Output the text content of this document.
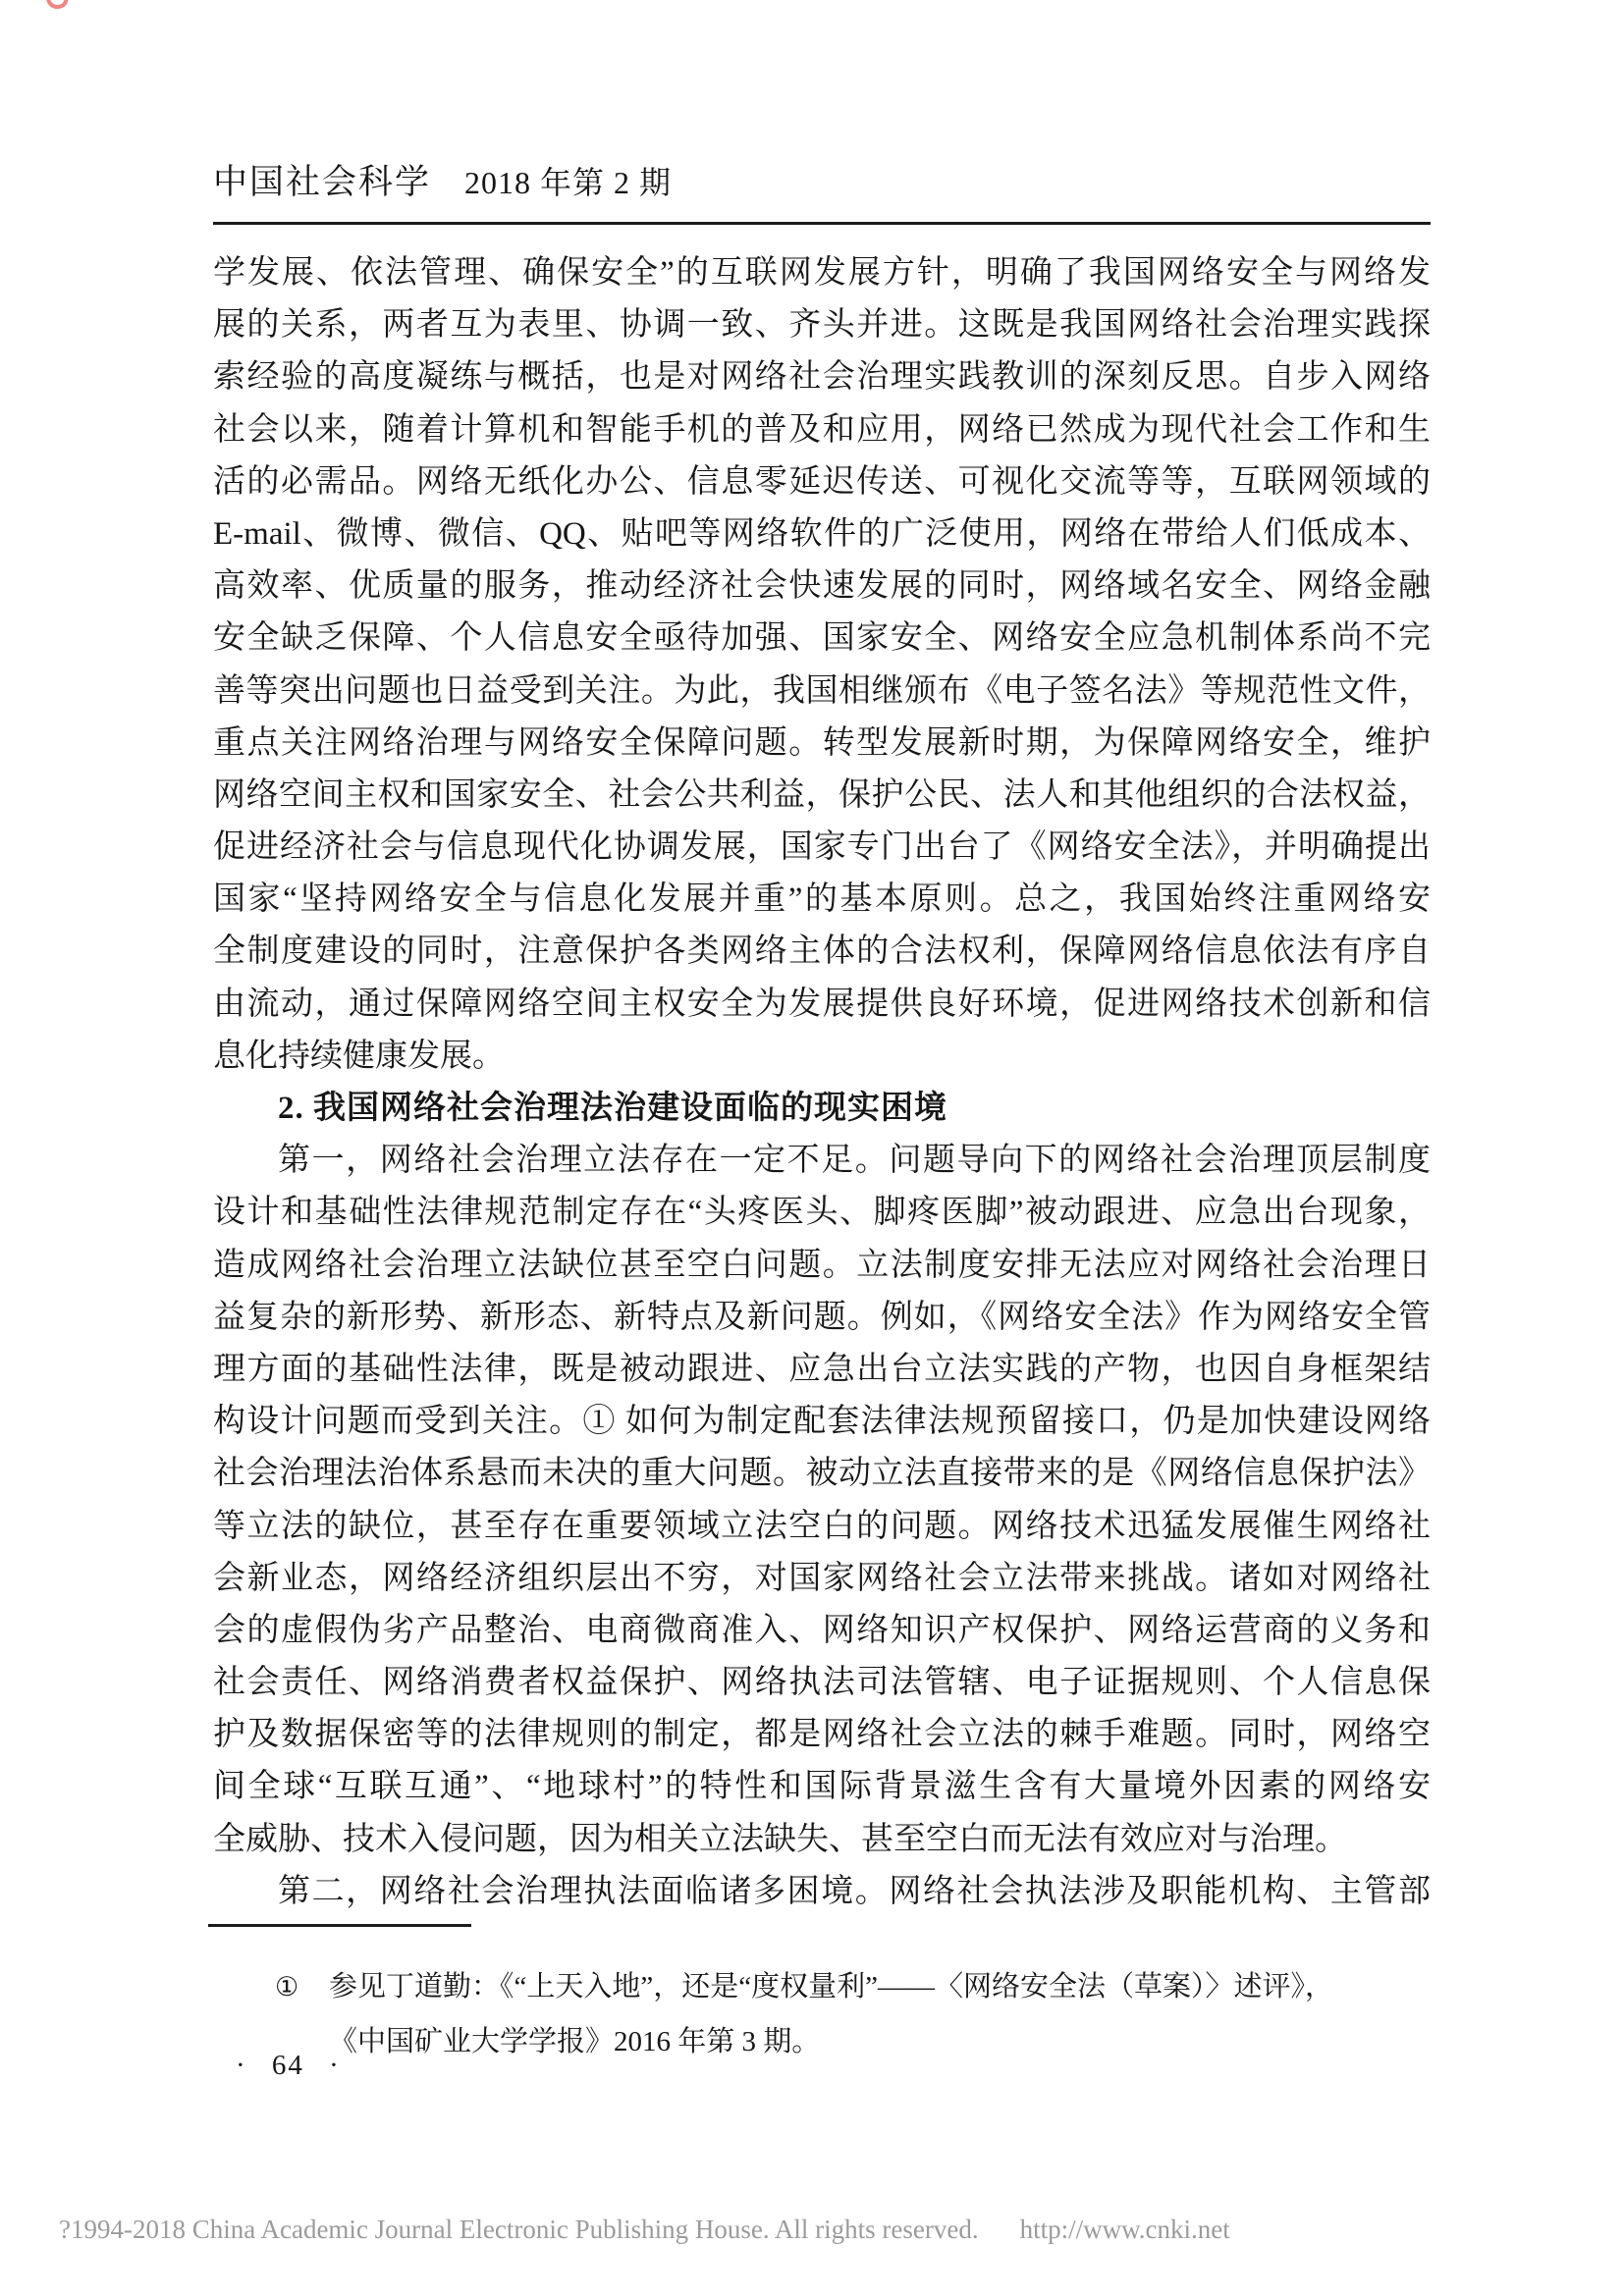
中国社会科学 2018 年第 2 期
学发展、依法管理、确保安全”的互联网发展方针，明确了我国网络安全与网络发
展的关系，两者互为表里、协调一致、齐头并进。这既是我国网络社会治理实践探
索经验的高度凝练与概括，也是对网络社会治理实践教训的深刻反思。自步入网络
社会以来，随着计算机和智能手机的普及和应用，网络已然成为现代社会工作和生
活的必需品。网络无纸化办公、信息零延迟传送、可视化交流等等，互联网领域的
E-mail、微博、微信、QQ、贴吧等网络软件的广泛使用，网络在带给人们低成本、
高效率、优质量的服务，推动经济社会快速发展的同时，网络域名安全、网络金融
安全缺乏保障、个人信息安全亟待加强、国家安全、网络安全应急机制体系尚不完
善等突出问题也日益受到关注。为此，我国相继颁布《电子签名法》等规范性文件，
重点关注网络治理与网络安全保障问题。转型发展新时期，为保障网络安全，维护
网络空间主权和国家安全、社会公共利益，保护公民、法人和其他组织的合法权益，
促进经济社会与信息现代化协调发展，国家专门出台了《网络安全法》，并明确提出
国家“坚持网络安全与信息化发展并重”的基本原则。总之，我国始终注重网络安
全制度建设的同时，注意保护各类网络主体的合法权利，保障网络信息依法有序自
由流动，通过保障网络空间主权安全为发展提供良好环境，促进网络技术创新和信
息化持续健康发展。
2. 我国网络社会治理法治建设面临的现实困境
第一，网络社会治理立法存在一定不足。问题导向下的网络社会治理顶层制度
设计和基础性法律规范制定存在“头疼医头、脚疼医脚”被动跟进、应急出台现象，
造成网络社会治理立法缺位甚至空白问题。立法制度安排无法应对网络社会治理日
益复杂的新形势、新形态、新特点及新问题。例如，《网络安全法》作为网络安全管
理方面的基础性法律，既是被动跟进、应急出台立法实践的产物，也因自身框架结
构设计问题而受到关注。① 如何为制定配套法律法规预留接口，仍是加快建设网络
社会治理法治体系悬而未决的重大问题。被动立法直接带来的是《网络信息保护法》
等立法的缺位，甚至存在重要领域立法空白的问题。网络技术迅猛发展催生网络社
会新业态，网络经济组织层出不穷，对国家网络社会立法带来挑战。诸如对网络社
会的虚假伪劣产品整治、电商微商准入、网络知识产权保护、网络运营商的义务和
社会责任、网络消费者权益保护、网络执法司法管辖、电子证据规则、个人信息保
护及数据保密等的法律规则的制定，都是网络社会立法的棘手难题。同时，网络空
间全球“互联互通”、“地球村”的特性和国际背景滋生含有大量境外因素的网络安
全威胁、技术入侵问题，因为相关立法缺失、甚至空白而无法有效应对与治理。
第二，网络社会治理执法面临诸多困境。网络社会执法涉及职能机构、主管部
①	参见丁道勤：《“上天入地”，还是“度权量利”——〈网络安全法（草案）〉述评》，
《中国矿业大学学报》2016 年第 3 期。
· 64 ·
?1994-2018 China Academic Journal Electronic Publishing House. All rights reserved. http://www.cnki.net
